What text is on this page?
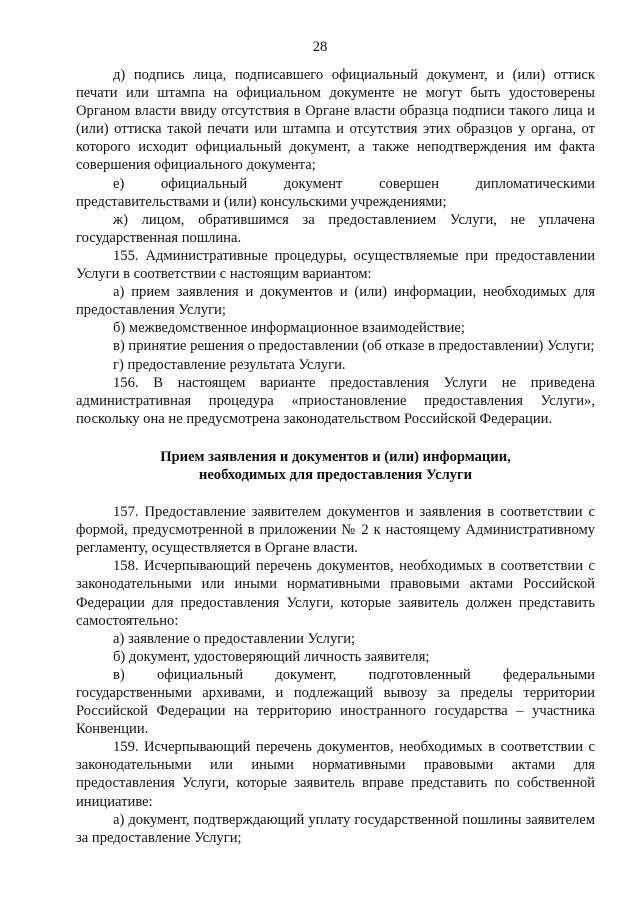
28

д) подпись лица, подписавшего официальный документ, и (или) оттиск печати или штампа на официальном документе не могут быть удостоверены Органом власти ввиду отсутствия в Органе власти образца подписи такого лица и (или) оттиска такой печати или штампа и отсутствия этих образцов у органа, от которого исходит официальный документ, а также неподтверждения им факта совершения официального документа;

е) официальный документ совершен дипломатическими представительствами и (или) консульскими учреждениями;

ж) лицом, обратившимся за предоставлением Услуги, не уплачена государственная пошлина.

155. Административные процедуры, осуществляемые при предоставлении Услуги в соответствии с настоящим вариантом:

а) прием заявления и документов и (или) информации, необходимых для предоставления Услуги;

б) межведомственное информационное взаимодействие;

в) принятие решения о предоставлении (об отказе в предоставлении) Услуги;

г) предоставление результата Услуги.

156. В настоящем варианте предоставления Услуги не приведена административная процедура «приостановление предоставления Услуги», поскольку она не предусмотрена законодательством Российской Федерации.

Прием заявления и документов и (или) информации,
необходимых для предоставления Услуги

157. Предоставление заявителем документов и заявления в соответствии с формой, предусмотренной в приложении № 2 к настоящему Административному регламенту, осуществляется в Органе власти.

158. Исчерпывающий перечень документов, необходимых в соответствии с законодательными или иными нормативными правовыми актами Российской Федерации для предоставления Услуги, которые заявитель должен представить самостоятельно:

а) заявление о предоставлении Услуги;

б) документ, удостоверяющий личность заявителя;

в) официальный документ, подготовленный федеральными государственными архивами, и подлежащий вывозу за пределы территории Российской Федерации на территорию иностранного государства – участника Конвенции.

159. Исчерпывающий перечень документов, необходимых в соответствии с законодательными или иными нормативными правовыми актами для предоставления Услуги, которые заявитель вправе представить по собственной инициативе:

а) документ, подтверждающий уплату государственной пошлины заявителем за предоставление Услуги;
